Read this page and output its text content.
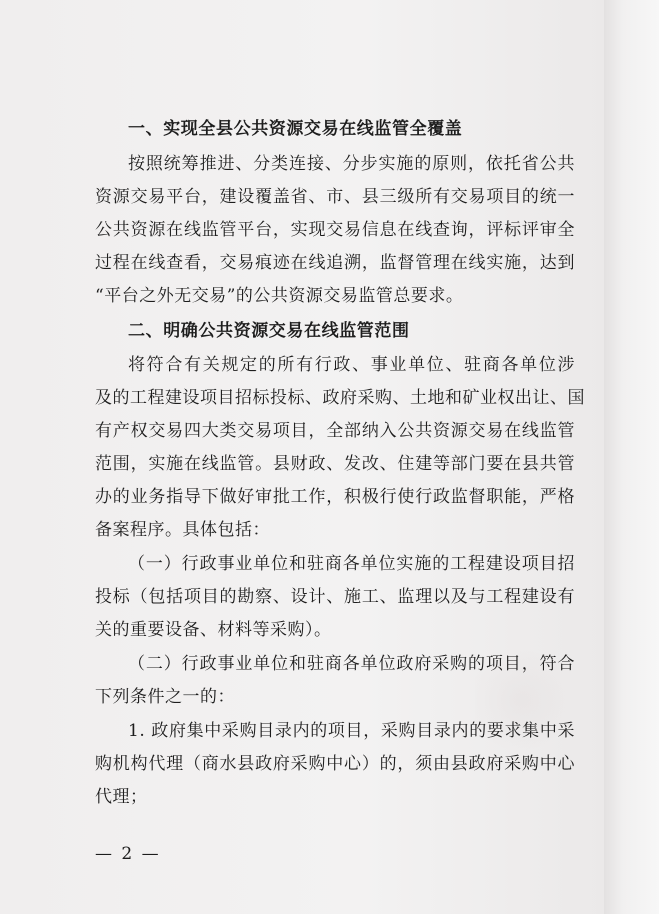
一、实现全县公共资源交易在线监管全覆盖
按照统筹推进、分类连接、分步实施的原则，依托省公共
资源交易平台，建设覆盖省、市、县三级所有交易项目的统一
公共资源在线监管平台，实现交易信息在线查询，评标评审全
过程在线查看，交易痕迹在线追溯，监督管理在线实施，达到
“平台之外无交易”的公共资源交易监管总要求。
二、明确公共资源交易在线监管范围
将符合有关规定的所有行政、事业单位、驻商各单位涉
及的工程建设项目招标投标、政府采购、土地和矿业权出让、国
有产权交易四大类交易项目，全部纳入公共资源交易在线监管
范围，实施在线监管。县财政、发改、住建等部门要在县共管
办的业务指导下做好审批工作，积极行使行政监督职能，严格
备案程序。具体包括：
（一）行政事业单位和驻商各单位实施的工程建设项目招
投标（包括项目的勘察、设计、施工、监理以及与工程建设有
关的重要设备、材料等采购）。
（二）行政事业单位和驻商各单位政府采购的项目，符合
下列条件之一的：
1. 政府集中采购目录内的项目，采购目录内的要求集中采
购机构代理（商水县政府采购中心）的，须由县政府采购中心
代理；
— 2 —
